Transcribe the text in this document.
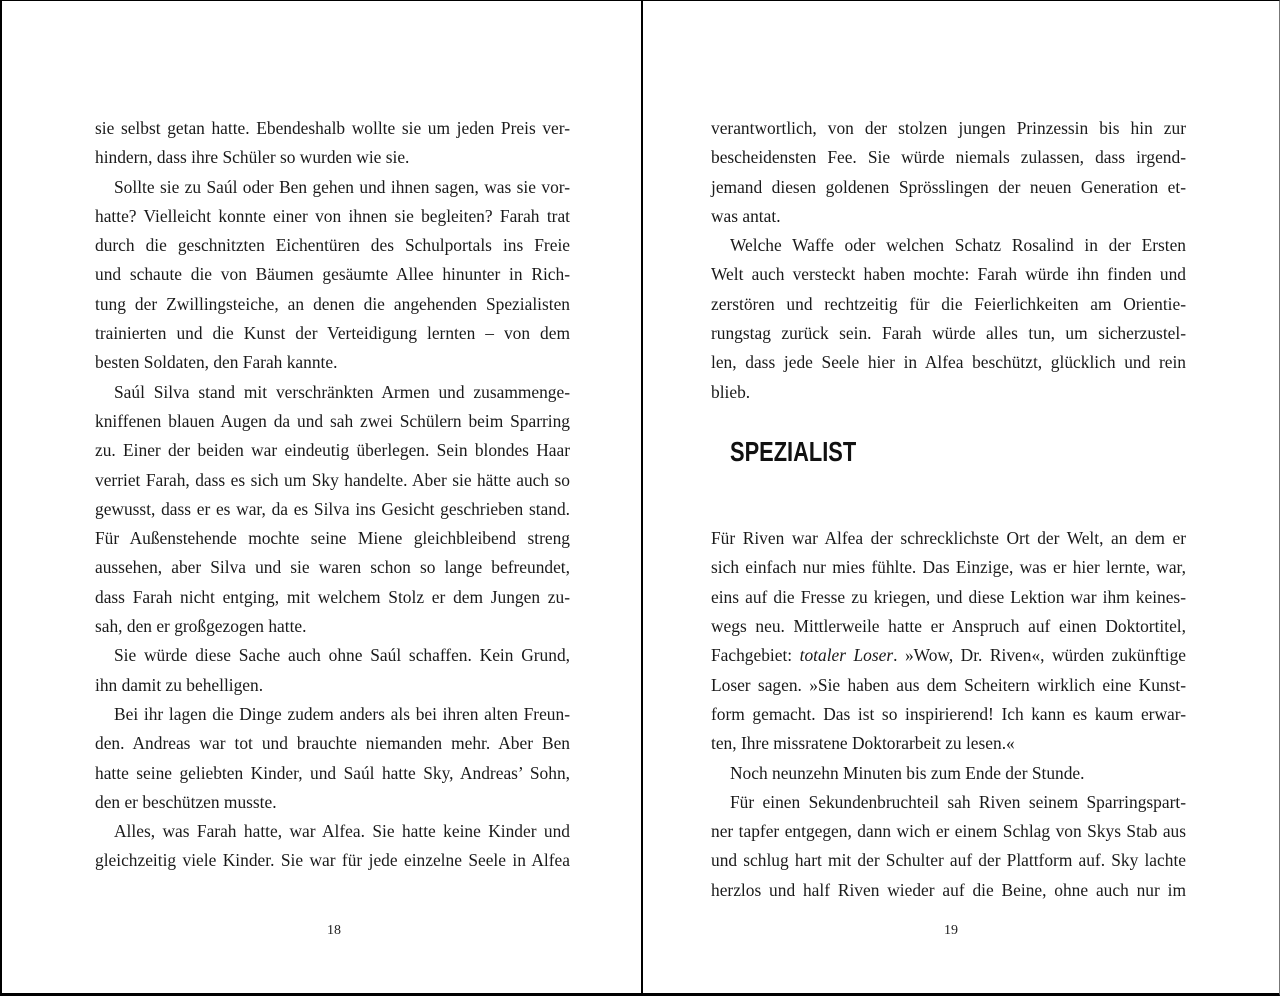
sie selbst getan hatte. Ebendeshalb wollte sie um jeden Preis ver-
hindern, dass ihre Schüler so wurden wie sie.
Sollte sie zu Saúl oder Ben gehen und ihnen sagen, was sie vor-
hatte? Vielleicht konnte einer von ihnen sie begleiten? Farah trat
durch die geschnitzten Eichentüren des Schulportals ins Freie
und schaute die von Bäumen gesäumte Allee hinunter in Rich-
tung der Zwillingsteiche, an denen die angehenden Spezialisten
trainierten und die Kunst der Verteidigung lernten – von dem
besten Soldaten, den Farah kannte.
Saúl Silva stand mit verschränkten Armen und zusammenge-
kniffenen blauen Augen da und sah zwei Schülern beim Sparring
zu. Einer der beiden war eindeutig überlegen. Sein blondes Haar
verriet Farah, dass es sich um Sky handelte. Aber sie hätte auch so
gewusst, dass er es war, da es Silva ins Gesicht geschrieben stand.
Für Außenstehende mochte seine Miene gleichbleibend streng
aussehen, aber Silva und sie waren schon so lange befreundet,
dass Farah nicht entging, mit welchem Stolz er dem Jungen zu-
sah, den er großgezogen hatte.
Sie würde diese Sache auch ohne Saúl schaffen. Kein Grund,
ihn damit zu behelligen.
Bei ihr lagen die Dinge zudem anders als bei ihren alten Freun-
den. Andreas war tot und brauchte niemanden mehr. Aber Ben
hatte seine geliebten Kinder, und Saúl hatte Sky, Andreas’ Sohn,
den er beschützen musste.
Alles, was Farah hatte, war Alfea. Sie hatte keine Kinder und
gleichzeitig viele Kinder. Sie war für jede einzelne Seele in Alfea
18
verantwortlich, von der stolzen jungen Prinzessin bis hin zur
bescheidensten Fee. Sie würde niemals zulassen, dass irgend-
jemand diesen goldenen Sprösslingen der neuen Generation et-
was antat.
Welche Waffe oder welchen Schatz Rosalind in der Ersten
Welt auch versteckt haben mochte: Farah würde ihn finden und
zerstören und rechtzeitig für die Feierlichkeiten am Orientie-
rungstag zurück sein. Farah würde alles tun, um sicherzustel-
len, dass jede Seele hier in Alfea beschützt, glücklich und rein
blieb.
SPEZIALIST
Für Riven war Alfea der schrecklichste Ort der Welt, an dem er
sich einfach nur mies fühlte. Das Einzige, was er hier lernte, war,
eins auf die Fresse zu kriegen, und diese Lektion war ihm keines-
wegs neu. Mittlerweile hatte er Anspruch auf einen Doktortitel,
Fachgebiet: totaler Loser. »Wow, Dr. Riven«, würden zukünftige
Loser sagen. »Sie haben aus dem Scheitern wirklich eine Kunst-
form gemacht. Das ist so inspirierend! Ich kann es kaum erwar-
ten, Ihre missratene Doktorarbeit zu lesen.«
Noch neunzehn Minuten bis zum Ende der Stunde.
Für einen Sekundenbruchteil sah Riven seinem Sparringspart-
ner tapfer entgegen, dann wich er einem Schlag von Skys Stab aus
und schlug hart mit der Schulter auf der Plattform auf. Sky lachte
herzlos und half Riven wieder auf die Beine, ohne auch nur im
19
